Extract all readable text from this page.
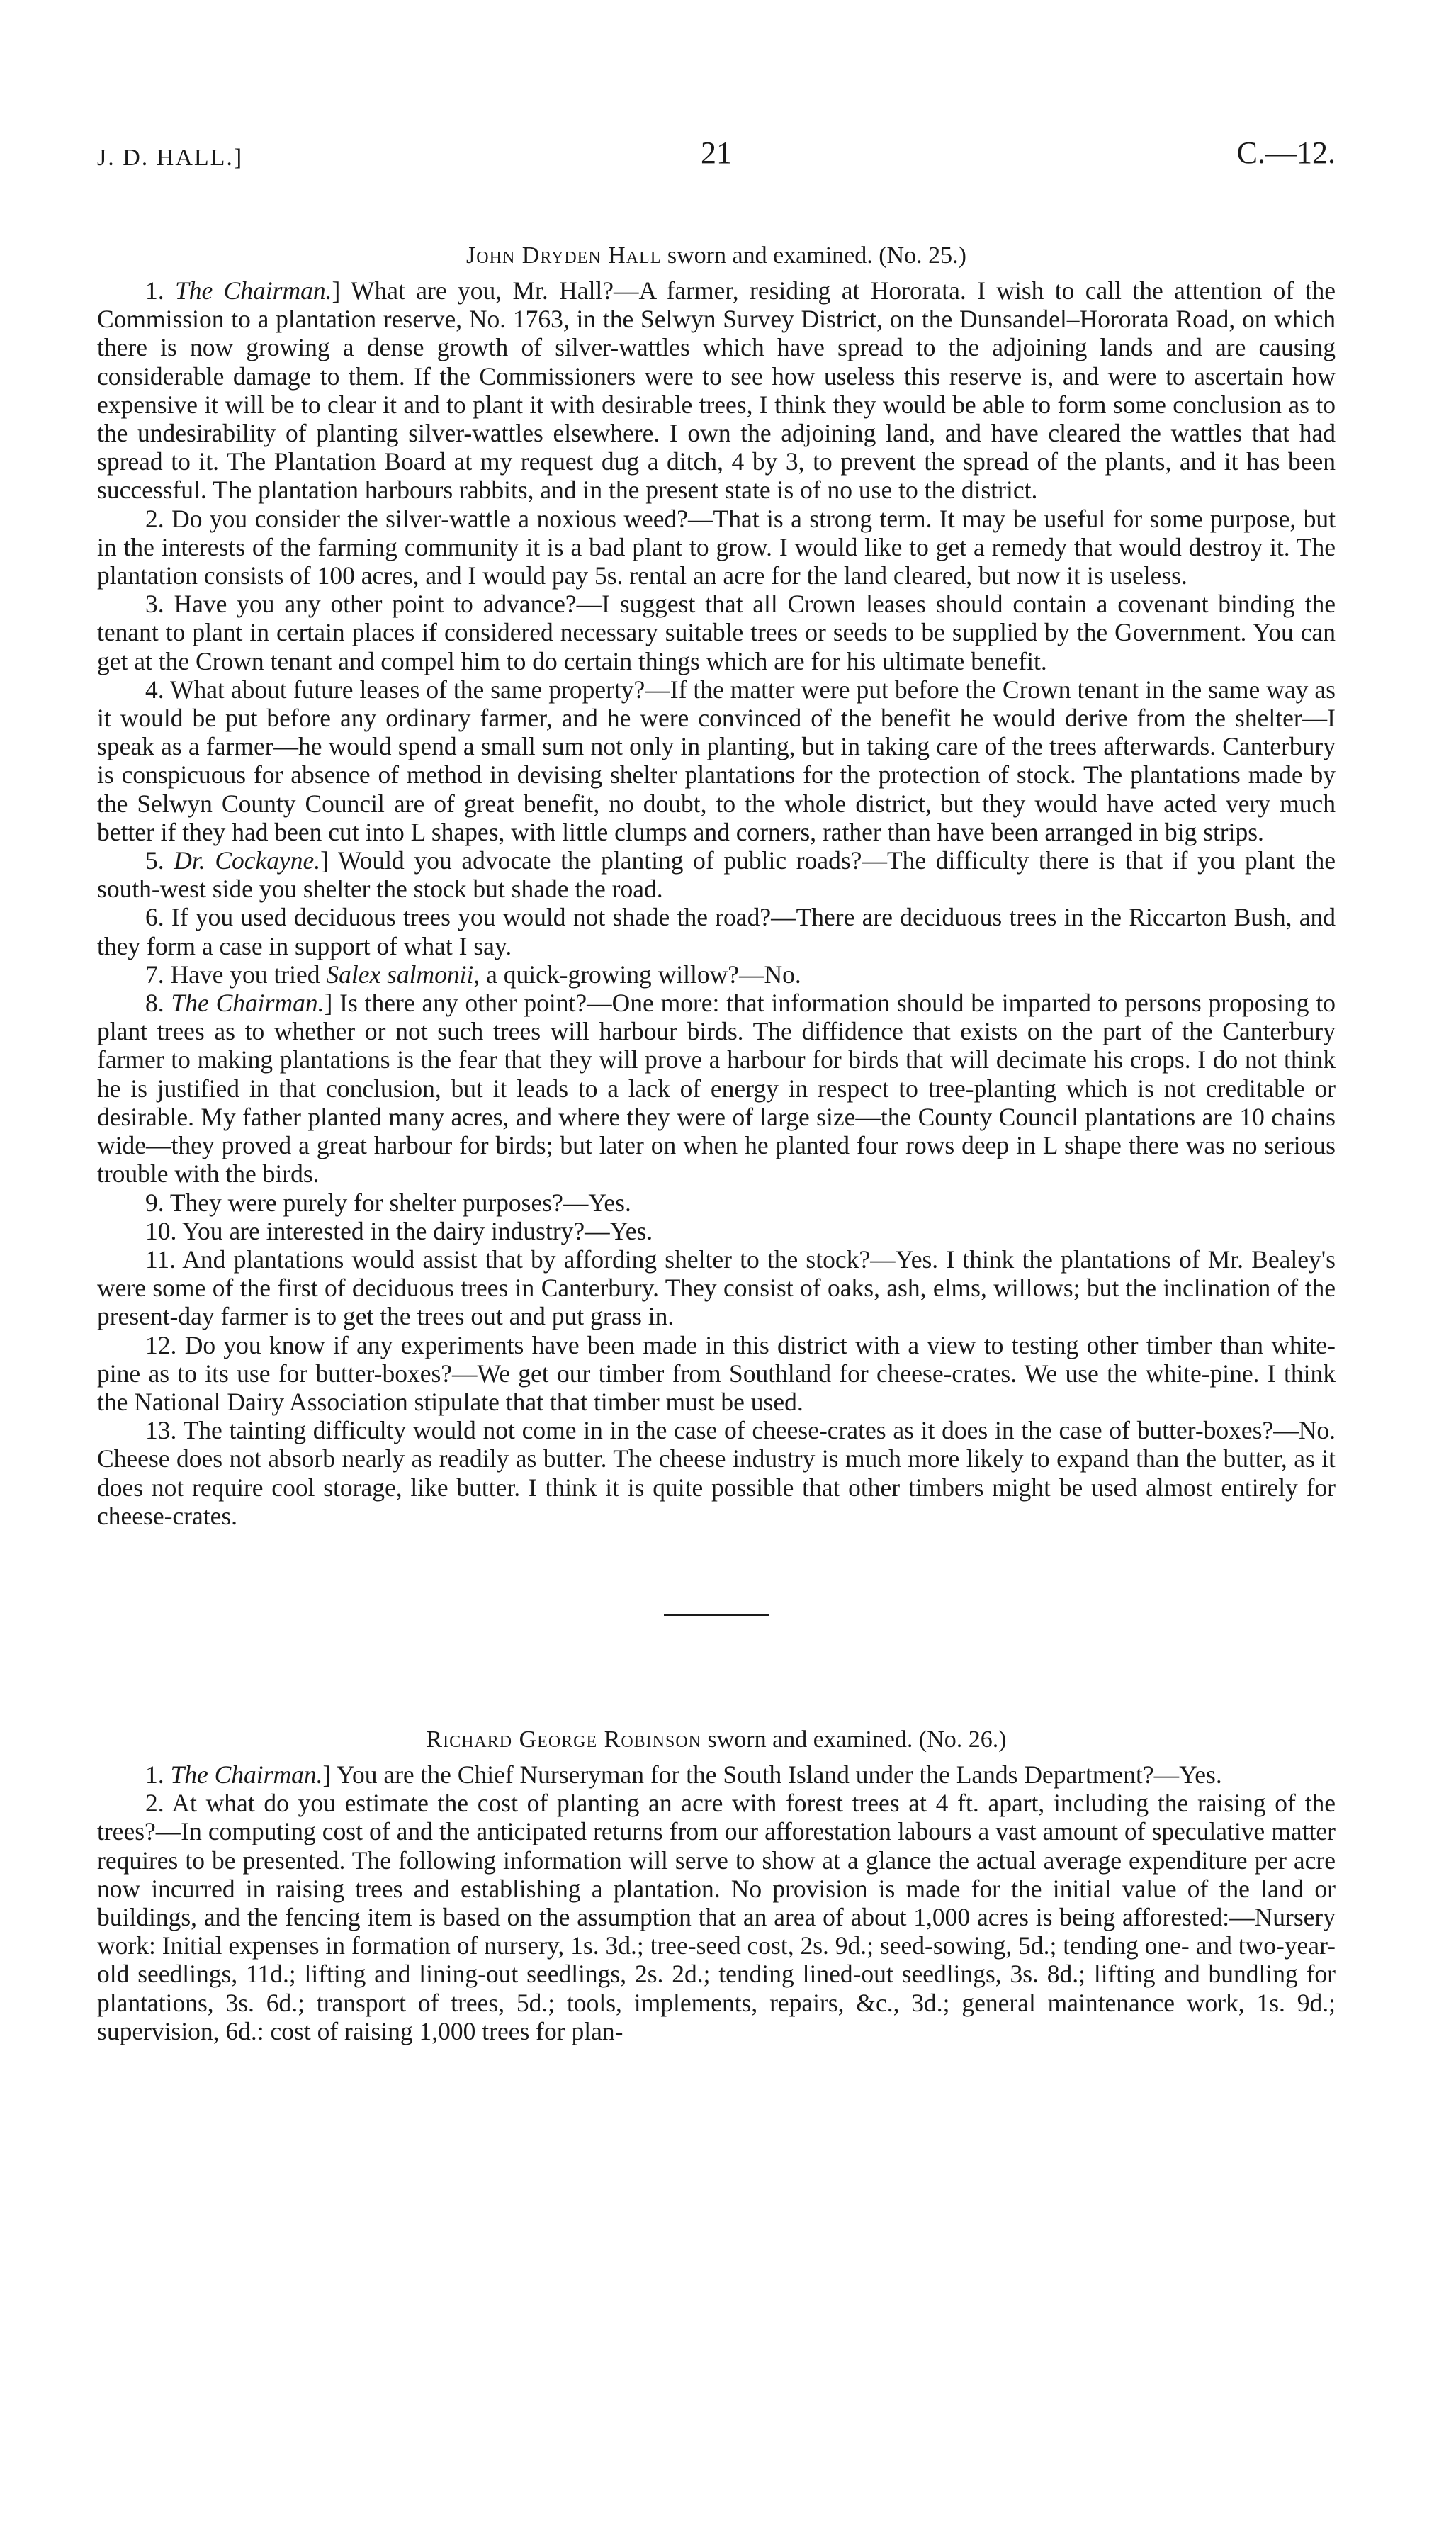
J. D. HALL.]	21	C.—12.
John Dryden Hall sworn and examined. (No. 25.)

1. The Chairman.] What are you, Mr. Hall?—A farmer, residing at Hororata. I wish to call the attention of the Commission to a plantation reserve, No. 1763, in the Selwyn Survey District, on the Dunsandel–Hororata Road, on which there is now growing a dense growth of silver-wattles which have spread to the adjoining lands and are causing considerable damage to them. If the Commissioners were to see how useless this reserve is, and were to ascertain how expensive it will be to clear it and to plant it with desirable trees, I think they would be able to form some conclusion as to the undesirability of planting silver-wattles elsewhere. I own the adjoining land, and have cleared the wattles that had spread to it. The Plantation Board at my request dug a ditch, 4 by 3, to prevent the spread of the plants, and it has been successful. The plantation harbours rabbits, and in the present state is of no use to the district.

2. Do you consider the silver-wattle a noxious weed?—That is a strong term. It may be useful for some purpose, but in the interests of the farming community it is a bad plant to grow. I would like to get a remedy that would destroy it. The plantation consists of 100 acres, and I would pay 5s. rental an acre for the land cleared, but now it is useless.

3. Have you any other point to advance?—I suggest that all Crown leases should contain a covenant binding the tenant to plant in certain places if considered necessary suitable trees or seeds to be supplied by the Government. You can get at the Crown tenant and compel him to do certain things which are for his ultimate benefit.

4. What about future leases of the same property?—If the matter were put before the Crown tenant in the same way as it would be put before any ordinary farmer, and he were convinced of the benefit he would derive from the shelter—I speak as a farmer—he would spend a small sum not only in planting, but in taking care of the trees afterwards. Canterbury is conspicuous for absence of method in devising shelter plantations for the protection of stock. The plantations made by the Selwyn County Council are of great benefit, no doubt, to the whole district, but they would have acted very much better if they had been cut into L shapes, with little clumps and corners, rather than have been arranged in big strips.

5. Dr. Cockayne.] Would you advocate the planting of public roads?—The difficulty there is that if you plant the south-west side you shelter the stock but shade the road.

6. If you used deciduous trees you would not shade the road?—There are deciduous trees in the Riccarton Bush, and they form a case in support of what I say.

7. Have you tried Salex salmonii, a quick-growing willow?—No.

8. The Chairman.] Is there any other point?—One more: that information should be imparted to persons proposing to plant trees as to whether or not such trees will harbour birds. The diffidence that exists on the part of the Canterbury farmer to making plantations is the fear that they will prove a harbour for birds that will decimate his crops. I do not think he is justified in that conclusion, but it leads to a lack of energy in respect to tree-planting which is not creditable or desirable. My father planted many acres, and where they were of large size—the County Council plantations are 10 chains wide—they proved a great harbour for birds; but later on when he planted four rows deep in L shape there was no serious trouble with the birds.

9. They were purely for shelter purposes?—Yes.

10. You are interested in the dairy industry?—Yes.

11. And plantations would assist that by affording shelter to the stock?—Yes. I think the plantations of Mr. Bealey's were some of the first of deciduous trees in Canterbury. They consist of oaks, ash, elms, willows; but the inclination of the present-day farmer is to get the trees out and put grass in.

12. Do you know if any experiments have been made in this district with a view to testing other timber than white-pine as to its use for butter-boxes?—We get our timber from Southland for cheese-crates. We use the white-pine. I think the National Dairy Association stipulate that that timber must be used.

13. The tainting difficulty would not come in in the case of cheese-crates as it does in the case of butter-boxes?—No. Cheese does not absorb nearly as readily as butter. The cheese industry is much more likely to expand than the butter, as it does not require cool storage, like butter. I think it is quite possible that other timbers might be used almost entirely for cheese-crates.

Richard George Robinson sworn and examined. (No. 26.)

1. The Chairman.] You are the Chief Nurseryman for the South Island under the Lands Department?—Yes.

2. At what do you estimate the cost of planting an acre with forest trees at 4 ft. apart, including the raising of the trees?—In computing cost of and the anticipated returns from our afforestation labours a vast amount of speculative matter requires to be presented. The following information will serve to show at a glance the actual average expenditure per acre now incurred in raising trees and establishing a plantation. No provision is made for the initial value of the land or buildings, and the fencing item is based on the assumption that an area of about 1,000 acres is being afforested:—Nursery work: Initial expenses in formation of nursery, 1s. 3d.; tree-seed cost, 2s. 9d.; seed-sowing, 5d.; tending one- and two-year-old seedlings, 11d.; lifting and lining-out seedlings, 2s. 2d.; tending lined-out seedlings, 3s. 8d.; lifting and bundling for plantations, 3s. 6d.; transport of trees, 5d.; tools, implements, repairs, &c., 3d.; general maintenance work, 1s. 9d.; supervision, 6d.: cost of raising 1,000 trees for plan-
